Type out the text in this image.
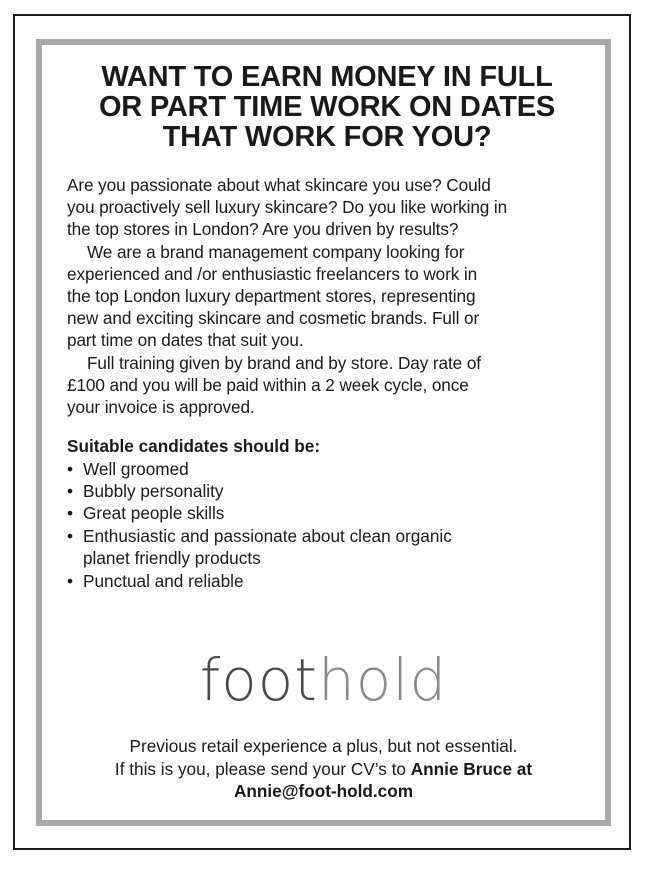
WANT TO EARN MONEY IN FULL
OR PART TIME WORK ON DATES
THAT WORK FOR YOU?

Are you passionate about what skincare you use? Could
you proactively sell luxury skincare? Do you like working in
the top stores in London? Are you driven by results?

We are a brand management company looking for
experienced and /or enthusiastic freelancers to work in
the top London luxury department stores, representing
new and exciting skincare and cosmetic brands. Full or
part time on dates that suit you.

Full training given by brand and by store. Day rate of
£100 and you will be paid within a 2 week cycle, once
your invoice is approved.

Suitable candidates should be:

• Well groomed
• Bubbly personality
• Great people skills
• Enthusiastic and passionate about clean organic
planet friendly products
• Punctual and reliable
foothold
Previous retail experience a plus, but not essential.
If this is you, please send your CV’s to Annie Bruce at
Annie@foot-hold.com
